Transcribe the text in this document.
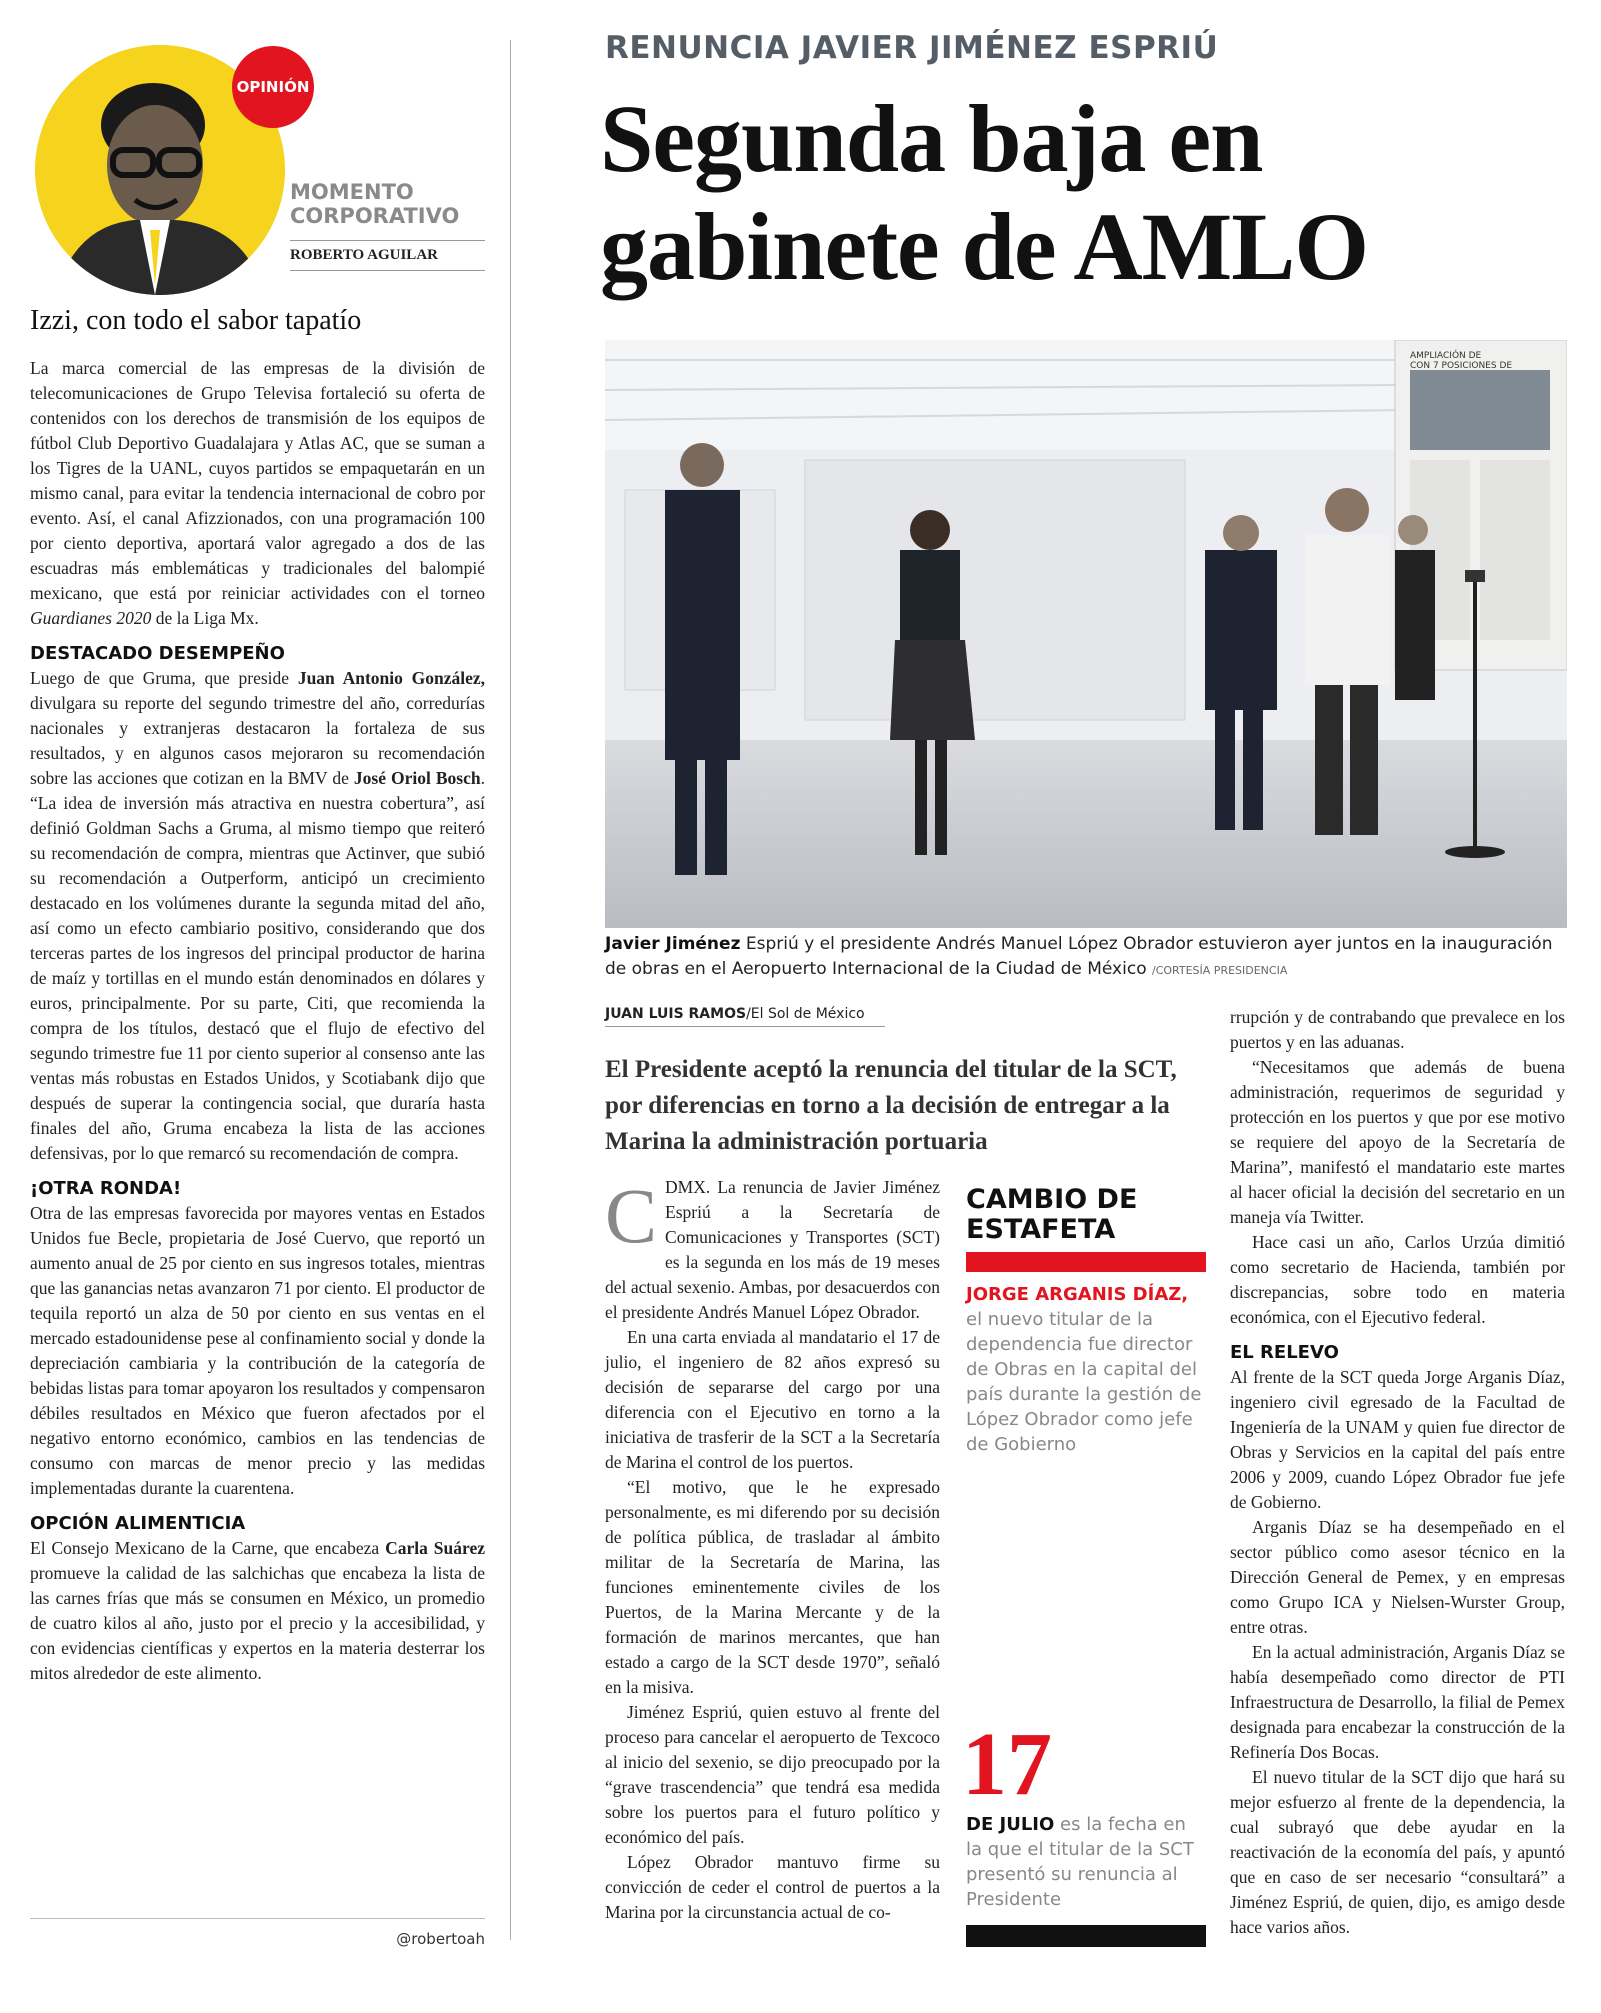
OPINIÓN
MOMENTO
CORPORATIVO
ROBERTO AGUILAR
Izzi, con todo el sabor tapatío

La marca comercial de las empresas de la división de telecomunicaciones de Grupo Televisa fortaleció su oferta de contenidos con los derechos de transmisión de los equipos de fútbol Club Deportivo Guadalajara y Atlas AC, que se suman a los Tigres de la UANL, cuyos partidos se empaquetarán en un mismo canal, para evitar la tendencia internacional de cobro por evento. Así, el canal Afizzionados, con una programación 100 por ciento deportiva, aportará valor agregado a dos de las escuadras más emblemáticas y tradicionales del balompié mexicano, que está por reiniciar actividades con el torneo Guardianes 2020 de la Liga Mx.

DESTACADO DESEMPEÑO

Luego de que Gruma, que preside Juan Antonio González, divulgara su reporte del segundo trimestre del año, corredurías nacionales y extranjeras destacaron la fortaleza de sus resultados, y en algunos casos mejoraron su recomendación sobre las acciones que cotizan en la BMV de José Oriol Bosch. “La idea de inversión más atractiva en nuestra cobertura”, así definió Goldman Sachs a Gruma, al mismo tiempo que reiteró su recomendación de compra, mientras que Actinver, que subió su recomendación a Outperform, anticipó un crecimiento destacado en los volúmenes durante la segunda mitad del año, así como un efecto cambiario positivo, considerando que dos terceras partes de los ingresos del principal productor de harina de maíz y tortillas en el mundo están denominados en dólares y euros, principalmente. Por su parte, Citi, que recomienda la compra de los títulos, destacó que el flujo de efectivo del segundo trimestre fue 11 por ciento superior al consenso ante las ventas más robustas en Estados Unidos, y Scotiabank dijo que después de superar la contingencia social, que duraría hasta finales del año, Gruma encabeza la lista de las acciones defensivas, por lo que remarcó su recomendación de compra.

¡OTRA RONDA!

Otra de las empresas favorecida por mayores ventas en Estados Unidos fue Becle, propietaria de José Cuervo, que reportó un aumento anual de 25 por ciento en sus ingresos totales, mientras que las ganancias netas avanzaron 71 por ciento. El productor de tequila reportó un alza de 50 por ciento en sus ventas en el mercado estadounidense pese al confinamiento social y donde la depreciación cambiaria y la contribución de la categoría de bebidas listas para tomar apoyaron los resultados y compensaron débiles resultados en México que fueron afectados por el negativo entorno económico, cambios en las tendencias de consumo con marcas de menor precio y las medidas implementadas durante la cuarentena.

OPCIÓN ALIMENTICIA

El Consejo Mexicano de la Carne, que encabeza Carla Suárez promueve la calidad de las salchichas que encabeza la lista de las carnes frías que más se consumen en México, un promedio de cuatro kilos al año, justo por el precio y la accesibilidad, y con evidencias científicas y expertos en la materia desterrar los mitos alrededor de este alimento.

@robertoah
RENUNCIA JAVIER JIMÉNEZ ESPRIÚ
Segunda baja en
gabinete de AMLO
AMPLIACIÓN DE
CON 7 POSICIONES DE
Javier Jiménez Espriú y el presidente Andrés Manuel López Obrador estuvieron ayer juntos en la inauguración de obras en el Aeropuerto Internacional de la Ciudad de México /CORTESÍA PRESIDENCIA
JUAN LUIS RAMOS/El Sol de México
El Presidente aceptó la renuncia del titular de la SCT, por diferencias en torno a la decisión de entregar a la Marina la administración portuaria

CDMX. La renuncia de Javier Jiménez Espriú a la Secretaría de Comunicaciones y Transportes (SCT) es la segunda en los más de 19 meses del actual sexenio. Ambas, por desacuerdos con el presidente Andrés Manuel López Obrador.

En una carta enviada al mandatario el 17 de julio, el ingeniero de 82 años expresó su decisión de separarse del cargo por una diferencia con el Ejecutivo en torno a la iniciativa de trasferir de la SCT a la Secretaría de Marina el control de los puertos.

“El motivo, que le he expresado personalmente, es mi diferendo por su decisión de política pública, de trasladar al ámbito militar de la Secretaría de Marina, las funciones eminentemente civiles de los Puertos, de la Marina Mercante y de la formación de marinos mercantes, que han estado a cargo de la SCT desde 1970”, señaló en la misiva.

Jiménez Espriú, quien estuvo al frente del proceso para cancelar el aeropuerto de Texcoco al inicio del sexenio, se dijo preocupado por la “grave trascendencia” que tendrá esa medida sobre los puertos para el futuro político y económico del país.

López Obrador mantuvo firme su convicción de ceder el control de puertos a la Marina por la circunstancia actual de co-

CAMBIO DE ESTAFETA
JORGE ARGANIS DÍAZ, el nuevo titular de la dependencia fue director de Obras en la capital del país durante la gestión de López Obrador como jefe de Gobierno
17
DE JULIO es la fecha en la que el titular de la SCT presentó su renuncia al Presidente

rrupción y de contrabando que prevalece en los puertos y en las aduanas.

“Necesitamos que además de buena administración, requerimos de seguridad y protección en los puertos y que por ese motivo se requiere del apoyo de la Secretaría de Marina”, manifestó el mandatario este martes al hacer oficial la decisión del secretario en un maneja vía Twitter.

Hace casi un año, Carlos Urzúa dimitió como secretario de Hacienda, también por discrepancias, sobre todo en materia económica, con el Ejecutivo federal.

EL RELEVO

Al frente de la SCT queda Jorge Arganis Díaz, ingeniero civil egresado de la Facultad de Ingeniería de la UNAM y quien fue director de Obras y Servicios en la capital del país entre 2006 y 2009, cuando López Obrador fue jefe de Gobierno.

Arganis Díaz se ha desempeñado en el sector público como asesor técnico en la Dirección General de Pemex, y en empresas como Grupo ICA y Nielsen-Wurster Group, entre otras.

En la actual administración, Arganis Díaz se había desempeñado como director de PTI Infraestructura de Desarrollo, la filial de Pemex designada para encabezar la construcción de la Refinería Dos Bocas.

El nuevo titular de la SCT dijo que hará su mejor esfuerzo al frente de la dependencia, la cual subrayó que debe ayudar en la reactivación de la economía del país, y apuntó que en caso de ser necesario “consultará” a Jiménez Espriú, de quien, dijo, es amigo desde hace varios años.
